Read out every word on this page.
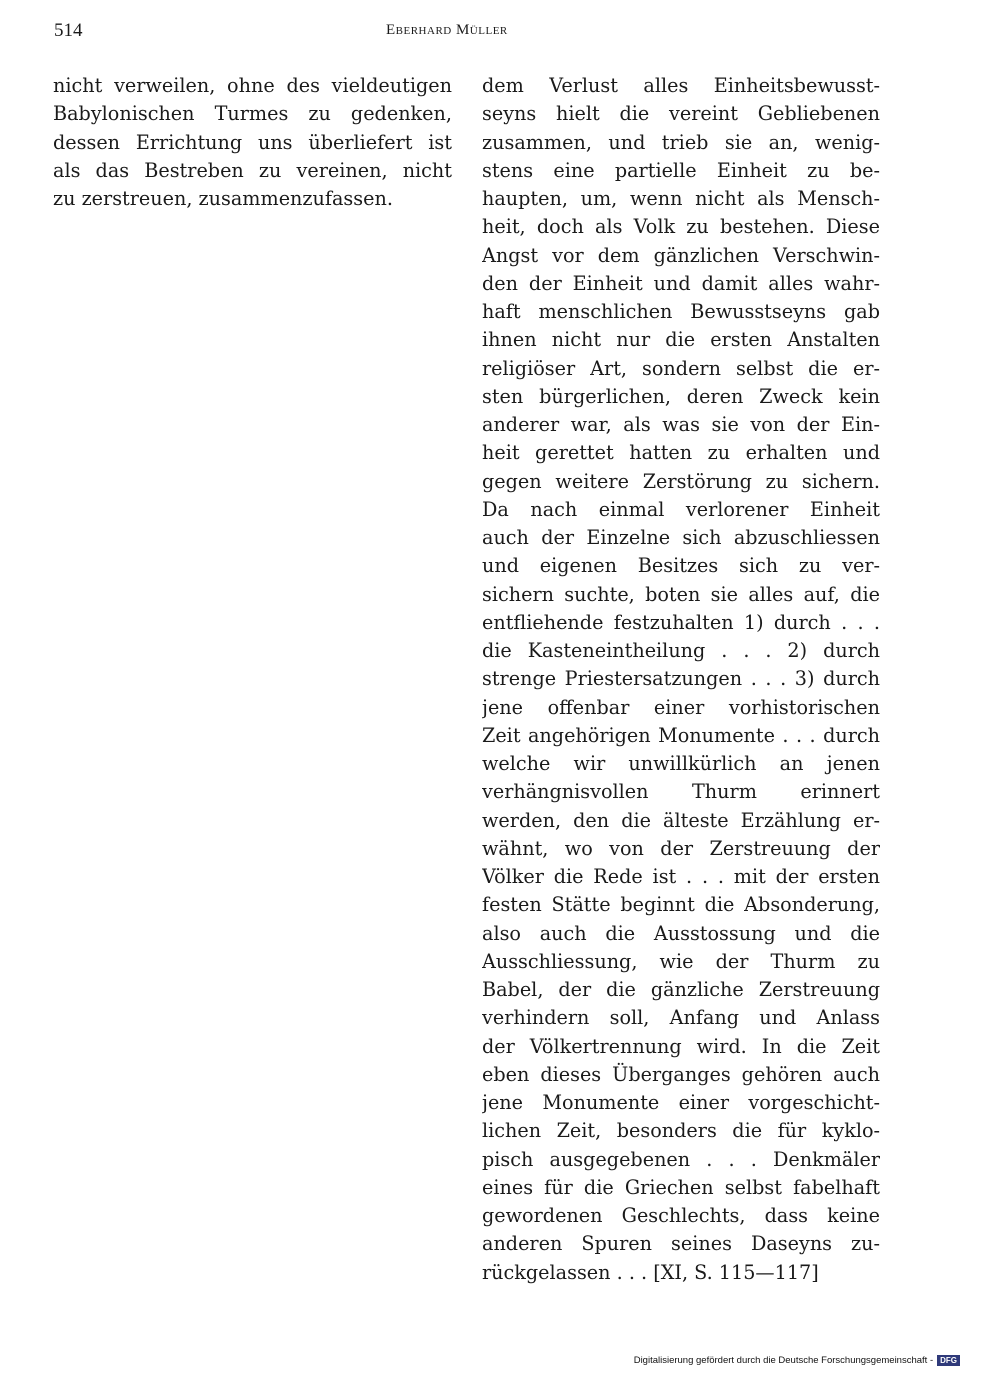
514	Eberhard Müller
nicht verweilen, ohne des vieldeutigen
Babylonischen Turmes zu gedenken,
dessen Errichtung uns überliefert ist
als das Bestreben zu vereinen, nicht
zu zerstreuen, zusammenzufassen.
dem Verlust alles Einheitsbewusst-
seyns hielt die vereint Gebliebenen
zusammen, und trieb sie an, wenig-
stens eine partielle Einheit zu be-
haupten, um, wenn nicht als Mensch-
heit, doch als Volk zu bestehen. Diese
Angst vor dem gänzlichen Verschwin-
den der Einheit und damit alles wahr-
haft menschlichen Bewusstseyns gab
ihnen nicht nur die ersten Anstalten
religiöser Art, sondern selbst die er-
sten bürgerlichen, deren Zweck kein
anderer war, als was sie von der Ein-
heit gerettet hatten zu erhalten und
gegen weitere Zerstörung zu sichern.
Da nach einmal verlorener Einheit
auch der Einzelne sich abzuschliessen
und eigenen Besitzes sich zu ver-
sichern suchte, boten sie alles auf, die
entfliehende festzuhalten 1) durch . . .
die Kasteneintheilung . . . 2) durch
strenge Priestersatzungen . . . 3) durch
jene offenbar einer vorhistorischen
Zeit angehörigen Monumente . . . durch
welche wir unwillkürlich an jenen
verhängnisvollen Thurm erinnert
werden, den die älteste Erzählung er-
wähnt, wo von der Zerstreuung der
Völker die Rede ist . . . mit der ersten
festen Stätte beginnt die Absonderung,
also auch die Ausstossung und die
Ausschliessung, wie der Thurm zu
Babel, der die gänzliche Zerstreuung
verhindern soll, Anfang und Anlass
der Völkertrennung wird. In die Zeit
eben dieses Überganges gehören auch
jene Monumente einer vorgeschicht-
lichen Zeit, besonders die für kyklo-
pisch ausgegebenen . . . Denkmäler
eines für die Griechen selbst fabelhaft
gewordenen Geschlechts, dass keine
anderen Spuren seines Daseyns zu-
rückgelassen . . . [XI, S. 115—117]
Digitalisierung gefördert durch die Deutsche Forschungsgemeinschaft - DFG
